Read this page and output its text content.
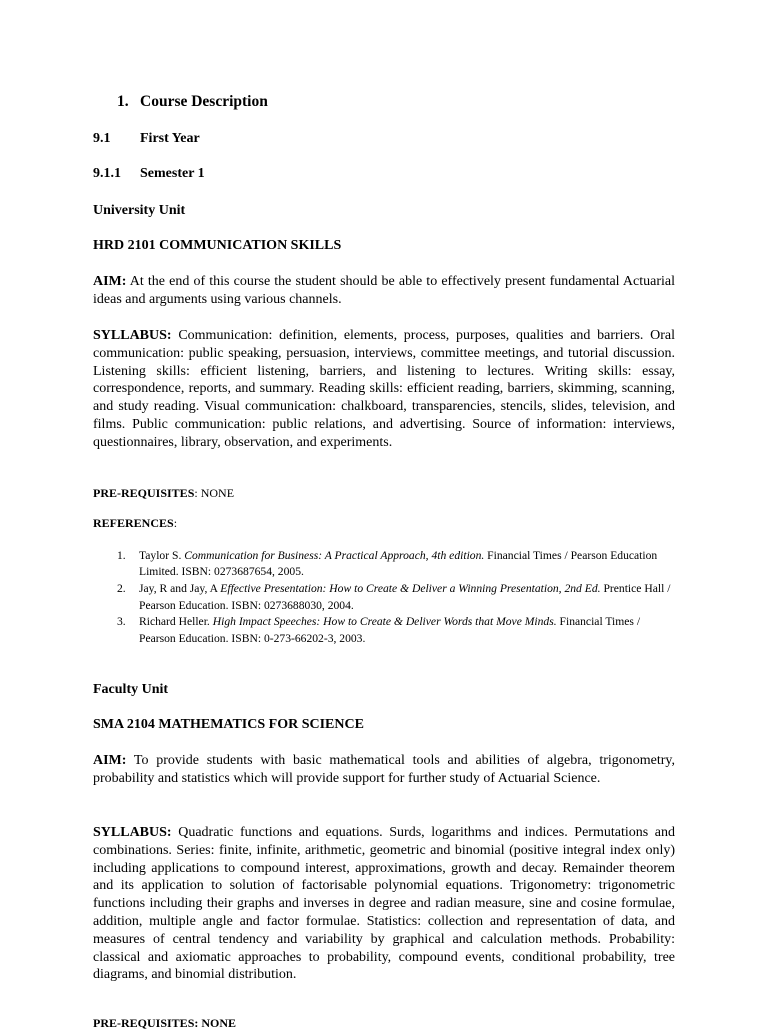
1. Course Description
9.1 First Year
9.1.1 Semester 1
University Unit
HRD 2101 COMMUNICATION SKILLS
AIM: At the end of this course the student should be able to effectively present fundamental Actuarial ideas and arguments using various channels.
SYLLABUS: Communication: definition, elements, process, purposes, qualities and barriers. Oral communication: public speaking, persuasion, interviews, committee meetings, and tutorial discussion. Listening skills: efficient listening, barriers, and listening to lectures. Writing skills: essay, correspondence, reports, and summary. Reading skills: efficient reading, barriers, skimming, scanning, and study reading. Visual communication: chalkboard, transparencies, stencils, slides, television, and films. Public communication: public relations, and advertising. Source of information: interviews, questionnaires, library, observation, and experiments.
PRE-REQUISITES: NONE
REFERENCES:
1. Taylor S. Communication for Business: A Practical Approach, 4th edition. Financial Times / Pearson Education Limited. ISBN: 0273687654, 2005.
2. Jay, R and Jay, A Effective Presentation: How to Create & Deliver a Winning Presentation, 2nd Ed. Prentice Hall / Pearson Education. ISBN: 0273688030, 2004.
3. Richard Heller. High Impact Speeches: How to Create & Deliver Words that Move Minds. Financial Times / Pearson Education. ISBN: 0-273-66202-3, 2003.
Faculty Unit
SMA 2104 MATHEMATICS FOR SCIENCE
AIM: To provide students with basic mathematical tools and abilities of algebra, trigonometry, probability and statistics which will provide support for further study of Actuarial Science.
SYLLABUS: Quadratic functions and equations. Surds, logarithms and indices. Permutations and combinations. Series: finite, infinite, arithmetic, geometric and binomial (positive integral index only) including applications to compound interest, approximations, growth and decay. Remainder theorem and its application to solution of factorisable polynomial equations. Trigonometry: trigonometric functions including their graphs and inverses in degree and radian measure, sine and cosine formulae, addition, multiple angle and factor formulae. Statistics: collection and representation of data, and measures of central tendency and variability by graphical and calculation methods. Probability: classical and axiomatic approaches to probability, compound events, conditional probability, tree diagrams, and binomial distribution.
PRE-REQUISITES: NONE
